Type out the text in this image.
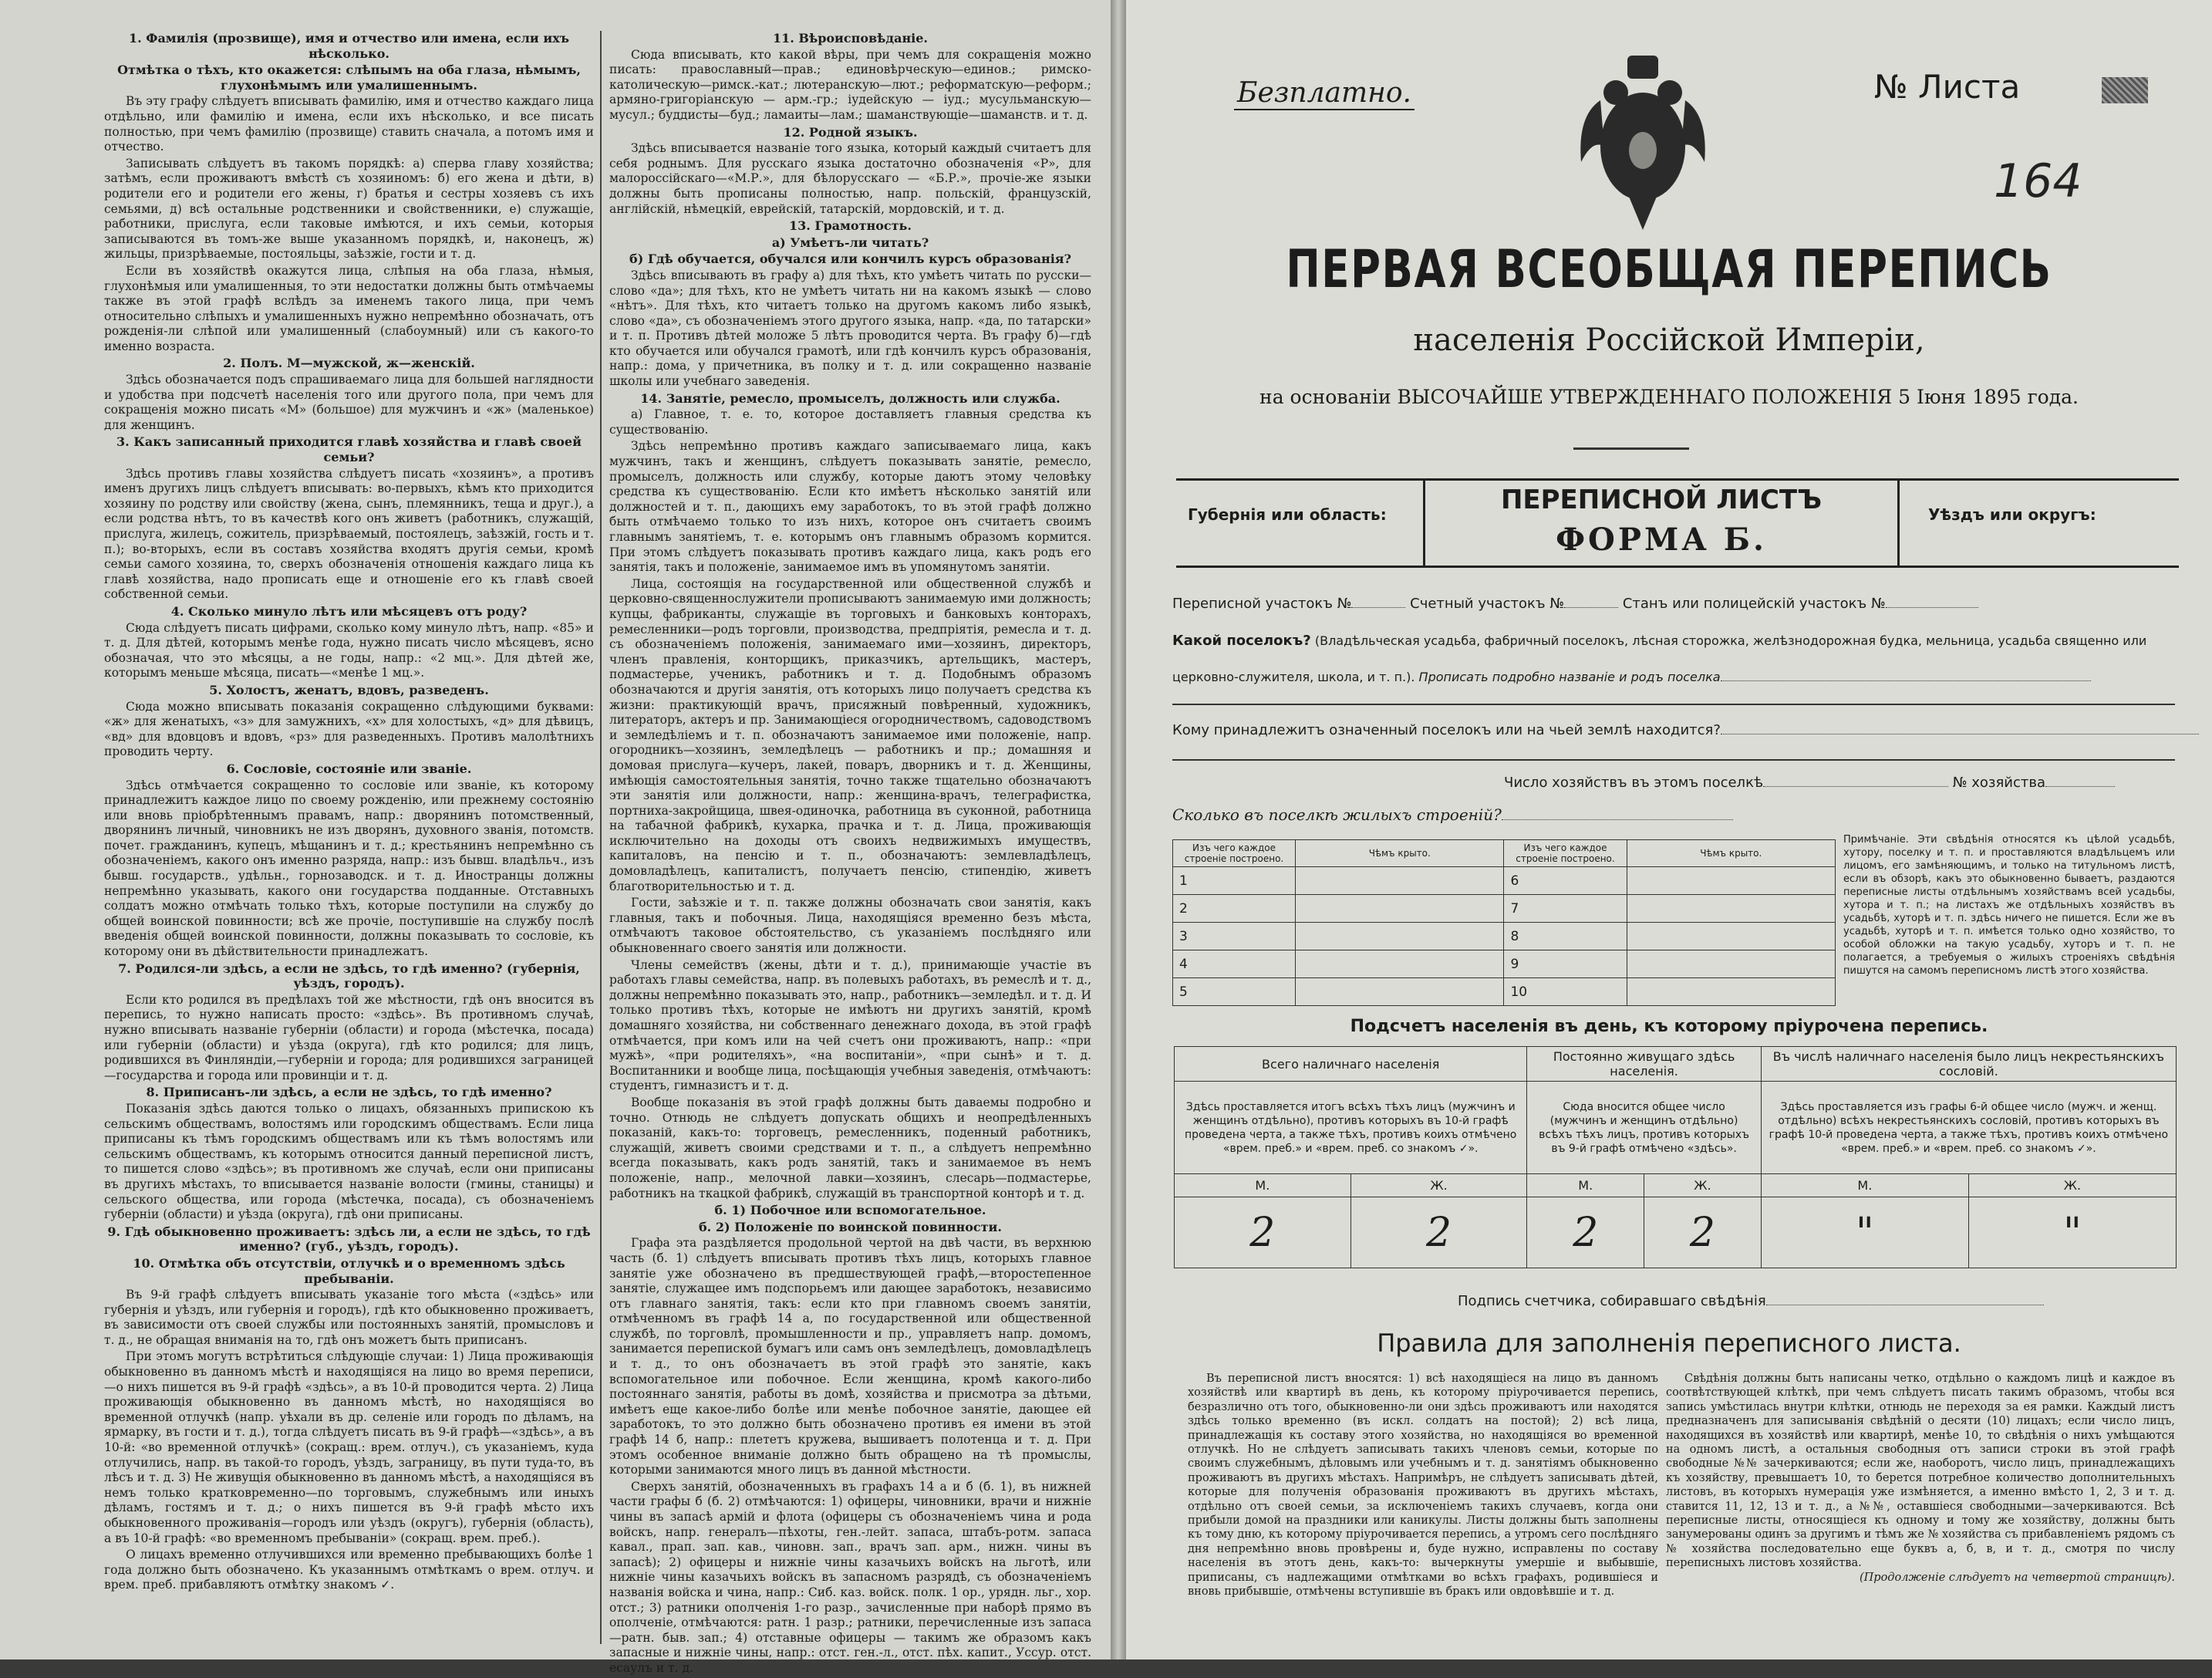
1. Фамилія (прозвище), имя и отчество или имена, если ихъ нѣсколько.

Отмѣтка о тѣхъ, кто окажется: слѣпымъ на оба глаза, нѣмымъ, глухонѣмымъ или умалишеннымъ.

Въ эту графу слѣдуетъ вписывать фамилію, имя и отчество каждаго лица отдѣльно, или фамилію и имена, если ихъ нѣсколько, и все писать полностью, при чемъ фамилію (прозвище) ставить сначала, а потомъ имя и отчество.

Записывать слѣдуетъ въ такомъ порядкѣ: а) сперва главу хозяйства; затѣмъ, если проживаютъ вмѣстѣ съ хозяиномъ: б) его жена и дѣти, в) родители его и родители его жены, г) братья и сестры хозяевъ съ ихъ семьями, д) всѣ остальные родственники и свойственники, е) служащіе, работники, прислуга, если таковые имѣются, и ихъ семьи, которыя записываются въ томъ-же выше указанномъ порядкѣ, и, наконецъ, ж) жильцы, призрѣваемые, постояльцы, заѣзжіе, гости и т. д.

Если въ хозяйствѣ окажутся лица, слѣпыя на оба глаза, нѣмыя, глухонѣмыя или умалишенныя, то эти недостатки должны быть отмѣчаемы также въ этой графѣ вслѣдъ за именемъ такого лица, при чемъ относительно слѣпыхъ и умалишенныхъ нужно непремѣнно обозначать, отъ рожденія-ли слѣпой или умалишенный (слабоумный) или съ какого-то именно возраста.

2. Полъ. М—мужской, ж—женскій.

Здѣсь обозначается подъ спрашиваемаго лица для большей наглядности и удобства при подсчетѣ населенія того или другого пола, при чемъ для сокращенія можно писать «М» (большое) для мужчинъ и «ж» (маленькое) для женщинъ.

3. Какъ записанный приходится главѣ хозяйства и главѣ своей семьи?

Здѣсь противъ главы хозяйства слѣдуетъ писать «хозяинъ», а противъ именъ другихъ лицъ слѣдуетъ вписывать: во-первыхъ, кѣмъ кто приходится хозяину по родству или свойству (жена, сынъ, племянникъ, теща и друг.), а если родства нѣтъ, то въ качествѣ кого онъ живетъ (работникъ, служащій, прислуга, жилецъ, сожитель, призрѣваемый, постоялецъ, заѣзжій, гость и т. п.); во-вторыхъ, если въ составъ хозяйства входятъ другія семьи, кромѣ семьи самого хозяина, то, сверхъ обозначенія отношенія каждаго лица къ главѣ хозяйства, надо прописать еще и отношеніе его къ главѣ своей собственной семьи.

4. Сколько минуло лѣтъ или мѣсяцевъ отъ роду?

Сюда слѣдуетъ писать цифрами, сколько кому минуло лѣтъ, напр. «85» и т. д. Для дѣтей, которымъ менѣе года, нужно писать число мѣсяцевъ, ясно обозначая, что это мѣсяцы, а не годы, напр.: «2 мц.». Для дѣтей же, которымъ меньше мѣсяца, писать—«менѣе 1 мц.».

5. Холостъ, женатъ, вдовъ, разведенъ.

Сюда можно вписывать показанія сокращенно слѣдующими буквами: «ж» для женатыхъ, «з» для замужнихъ, «х» для холостыхъ, «д» для дѣвицъ, «вд» для вдовцовъ и вдовъ, «рз» для разведенныхъ. Противъ малолѣтнихъ проводить черту.

6. Сословіе, состояніе или званіе.

Здѣсь отмѣчается сокращенно то сословіе или званіе, къ которому принадлежитъ каждое лицо по своему рожденію, или прежнему состоянію или вновь пріобрѣтеннымъ правамъ, напр.: дворянинъ потомственный, дворянинъ личный, чиновникъ не изъ дворянъ, духовного званія, потомств. почет. гражданинъ, купецъ, мѣщанинъ и т. д.; крестьянинъ непремѣнно съ обозначеніемъ, какого онъ именно разряда, напр.: изъ бывш. владѣльч., изъ бывш. государств., удѣльн., горнозаводск. и т. д. Иностранцы должны непремѣнно указывать, какого они государства подданные. Отставныхъ солдатъ можно отмѣчать только тѣхъ, которые поступили на службу до общей воинской повинности; всѣ же прочіе, поступившіе на службу послѣ введенія общей воинской повинности, должны показывать то сословіе, къ которому они въ дѣйствительности принадлежатъ.

7. Родился-ли здѣсь, а если не здѣсь, то гдѣ именно? (губернія, уѣздъ, городъ).

Если кто родился въ предѣлахъ той же мѣстности, гдѣ онъ вносится въ перепись, то нужно написать просто: «здѣсь». Въ противномъ случаѣ, нужно вписывать названіе губерніи (области) и города (мѣстечка, посада) или губерніи (области) и уѣзда (округа), гдѣ кто родился; для лицъ, родившихся въ Финляндіи,—губерніи и города; для родившихся заграницей—государства и города или провинціи и т. д.

8. Приписанъ-ли здѣсь, а если не здѣсь, то гдѣ именно?

Показанія здѣсь даются только о лицахъ, обязанныхъ припискою къ сельскимъ обществамъ, волостямъ или городскимъ обществамъ. Если лица приписаны къ тѣмъ городскимъ обществамъ или къ тѣмъ волостямъ или сельскимъ обществамъ, къ которымъ относится данный переписной листъ, то пишется слово «здѣсь»; въ противномъ же случаѣ, если они приписаны въ другихъ мѣстахъ, то вписывается названіе волости (гмины, станицы) и сельского общества, или города (мѣстечка, посада), съ обозначеніемъ губерніи (области) и уѣзда (округа), гдѣ они приписаны.

9. Гдѣ обыкновенно проживаетъ: здѣсь ли, а если не здѣсь, то гдѣ именно? (губ., уѣздъ, городъ).

10. Отмѣтка объ отсутствіи, отлучкѣ и о временномъ здѣсь пребываніи.

Въ 9-й графѣ слѣдуетъ вписывать указаніе того мѣста («здѣсь» или губернія и уѣздъ, или губернія и городъ), гдѣ кто обыкновенно проживаетъ, въ зависимости отъ своей службы или постоянныхъ занятій, промысловъ и т. д., не обращая вниманія на то, гдѣ онъ можетъ быть приписанъ.

При этомъ могутъ встрѣтиться слѣдующіе случаи: 1) Лица проживающія обыкновенно въ данномъ мѣстѣ и находящіяся на лицо во время переписи,—о нихъ пишется въ 9-й графѣ «здѣсь», а въ 10-й проводится черта. 2) Лица проживающія обыкновенно въ данномъ мѣстѣ, но находящіяся во временной отлучкѣ (напр. уѣхали въ др. селеніе или городъ по дѣламъ, на ярмарку, въ гости и т. д.), тогда слѣдуетъ писать въ 9-й графѣ—«здѣсь», а въ 10-й: «во временной отлучкѣ» (сокращ.: врем. отлуч.), съ указаніемъ, куда отлучились, напр. въ такой-то городъ, уѣздъ, заграницу, въ пути туда-то, въ лѣсъ и т. д. 3) Не живущія обыкновенно въ данномъ мѣстѣ, а находящіяся въ немъ только кратковременно—по торговымъ, служебнымъ или иныхъ дѣламъ, гостямъ и т. д.; о нихъ пишется въ 9-й графѣ мѣсто ихъ обыкновенного проживанія—городъ или уѣздъ (округъ), губернія (область), а въ 10-й графѣ: «во временномъ пребываніи» (сокращ. врем. преб.).

О лицахъ временно отлучившихся или временно пребывающихъ болѣе 1 года должно быть обозначено. Къ указаннымъ отмѣткамъ о врем. отлуч. и врем. преб. прибавляютъ отмѣтку знакомъ ✓.

11. Вѣроисповѣданіе.

Сюда вписывать, кто какой вѣры, при чемъ для сокращенія можно писать: православный—прав.; единовѣрческую—единов.; римско-католическую—римск.-кат.; лютеранскую—лют.; реформатскую—реформ.; армяно-григоріанскую — арм.-гр.; іудейскую — іуд.; мусульманскую—мусул.; буддисты—буд.; ламаиты—лам.; шаманствующіе—шаманств. и т. д.

12. Родной языкъ.

Здѣсь вписывается названіе того языка, который каждый считаетъ для себя роднымъ. Для русскаго языка достаточно обозначенія «Р», для малороссійскаго—«М.Р.», для бѣлорусскаго — «Б.Р.», прочіе-же языки должны быть прописаны полностью, напр. польскій, французскій, англійскій, нѣмецкій, еврейскій, татарскій, мордовскій, и т. д.

13. Грамотность.

а) Умѣетъ-ли читать?

б) Гдѣ обучается, обучался или кончилъ курсъ образованія?

Здѣсь вписывають въ графу а) для тѣхъ, кто умѣетъ читать по русски—слово «да»; для тѣхъ, кто не умѣетъ читать ни на какомъ языкѣ — слово «нѣтъ». Для тѣхъ, кто читаетъ только на другомъ какомъ либо языкѣ, слово «да», съ обозначеніемъ этого другого языка, напр. «да, по татарски» и т. п. Противъ дѣтей моложе 5 лѣтъ проводится черта. Въ графу б)—гдѣ кто обучается или обучался грамотѣ, или гдѣ кончилъ курсъ образованія, напр.: дома, у причетника, въ полку и т. д. или сокращенно названіе школы или учебнаго заведенія.

14. Занятіе, ремесло, промыселъ, должность или служба.

а) Главное, т. е. то, которое доставляетъ главныя средства къ существованію.

Здѣсь непремѣнно противъ каждаго записываемаго лица, какъ мужчинъ, такъ и женщинъ, слѣдуетъ показывать занятіе, ремесло, промыселъ, должность или службу, которые даютъ этому человѣку средства къ существованію. Если кто имѣетъ нѣсколько занятій или должностей и т. п., дающихъ ему заработокъ, то въ этой графѣ должно быть отмѣчаемо только то изъ нихъ, которое онъ считаетъ своимъ главнымъ занятіемъ, т. е. которымъ онъ главнымъ образомъ кормится. При этомъ слѣдуетъ показывать противъ каждаго лица, какъ родъ его занятія, такъ и положеніе, занимаемое имъ въ упомянутомъ занятіи.

Лица, состоящія на государственной или общественной службѣ и церковно-священнослужители прописываютъ занимаемую ими должность; купцы, фабриканты, служащіе въ торговыхъ и банковыхъ конторахъ, ремесленники—родъ торговли, производства, предпріятія, ремесла и т. д. съ обозначеніемъ положенія, занимаемаго ими—хозяинъ, директоръ, членъ правленія, конторщикъ, приказчикъ, артельщикъ, мастеръ, подмастерье, ученикъ, работникъ и т. д. Подобнымъ образомъ обозначаются и другія занятія, отъ которыхъ лицо получаетъ средства къ жизни: практикующій врачъ, присяжный повѣренный, художникъ, литераторъ, актеръ и пр. Занимающіеся огородничествомъ, садоводствомъ и земледѣліемъ и т. п. обозначаютъ занимаемое ими положеніе, напр. огородникъ—хозяинъ, земледѣлецъ — работникъ и пр.; домашняя и домовая прислуга—кучеръ, лакей, поваръ, дворникъ и т. д. Женщины, имѣющія самостоятельныя занятія, точно также тщательно обозначаютъ эти занятія или должности, напр.: женщина-врачъ, телеграфистка, портниха-закройщица, швея-одиночка, работница въ суконной, работница на табачной фабрикѣ, кухарка, прачка и т. д. Лица, проживающія исключительно на доходы отъ своихъ недвижимыхъ имуществъ, капиталовъ, на пенсію и т. п., обозначаютъ: землевладѣлецъ, домовладѣлецъ, капиталистъ, получаетъ пенсію, стипендію, живетъ благотворительностью и т. д.

Гости, заѣзжіе и т. п. также должны обозначать свои занятія, какъ главныя, такъ и побочныя. Лица, находящіяся временно безъ мѣста, отмѣчаютъ таковое обстоятельство, съ указаніемъ послѣдняго или обыкновеннаго своего занятія или должности.

Члены семействъ (жены, дѣти и т. д.), принимающіе участіе въ работахъ главы семейства, напр. въ полевыхъ работахъ, въ ремеслѣ и т. д., должны непремѣнно показывать это, напр., работникъ—земледѣл. и т. д. И только противъ тѣхъ, которые не имѣютъ ни другихъ занятій, кромѣ домашняго хозяйства, ни собственнаго денежнаго дохода, въ этой графѣ отмѣчается, при комъ или на чей счетъ они проживаютъ, напр.: «при мужѣ», «при родителяхъ», «на воспитаніи», «при сынѣ» и т. д. Воспитанники и вообще лица, посѣщающія учебныя заведенія, отмѣчаютъ: студентъ, гимназистъ и т. д.

Вообще показанія въ этой графѣ должны быть даваемы подробно и точно. Отнюдь не слѣдуетъ допускать общихъ и неопредѣленныхъ показаній, какъ-то: торговецъ, ремесленникъ, поденный работникъ, служащій, живетъ своими средствами и т. п., а слѣдуетъ непремѣнно всегда показывать, какъ родъ занятій, такъ и занимаемое въ немъ положеніе, напр., мелочной лавки—хозяинъ, слесарь—подмастерье, работникъ на ткацкой фабрикѣ, служащій въ транспортной конторѣ и т. д.

б. 1) Побочное или вспомогательное.

б. 2) Положеніе по воинской повинности.

Графа эта раздѣляется продольной чертой на двѣ части, въ верхнюю часть (б. 1) слѣдуетъ вписывать противъ тѣхъ лицъ, которыхъ главное занятіе уже обозначено въ предшествующей графѣ,—второстепенное занятіе, служащее имъ подспорьемъ или дающее заработокъ, независимо отъ главнаго занятія, такъ: если кто при главномъ своемъ занятіи, отмѣченномъ въ графѣ 14 а, по государственной или общественной службѣ, по торговлѣ, промышленности и пр., управляетъ напр. домомъ, занимается перепиской бумагъ или самъ онъ земледѣлецъ, домовладѣлецъ и т. д., то онъ обозначаетъ въ этой графѣ это занятіе, какъ вспомогательное или побочное. Если женщина, кромѣ какого-либо постояннаго занятія, работы въ домѣ, хозяйства и присмотра за дѣтьми, имѣетъ еще какое-либо болѣе или менѣе побочное занятіе, дающее ей заработокъ, то это должно быть обозначено противъ ея имени въ этой графѣ 14 б, напр.: плететъ кружева, вышиваетъ полотенца и т. д. При этомъ особенное вниманіе должно быть обращено на тѣ промыслы, которыми занимаются много лицъ въ данной мѣстности.

Сверхъ занятій, обозначенныхъ въ графахъ 14 а и б (б. 1), въ нижней части графы б (б. 2) отмѣчаются: 1) офицеры, чиновники, врачи и нижніе чины въ запасѣ армій и флота (офицеры съ обозначеніемъ чина и рода войскъ, напр. генералъ—пѣхоты, ген.-лейт. запаса, штабъ-ротм. запаса кавал., прап. зап. кав., чиновн. зап., врачъ зап. арм., нижн. чины въ запасѣ); 2) офицеры и нижніе чины казачьихъ войскъ на льготѣ, или нижніе чины казачьихъ войскъ въ запасномъ разрядѣ, съ обозначеніемъ названія войска и чина, напр.: Сиб. каз. войск. полк. 1 ор., урядн. льг., хор. отст.; 3) ратники ополченія 1-го разр., зачисленные при наборѣ прямо въ ополченіе, отмѣчаются: ратн. 1 разр.; ратники, перечисленные изъ запаса—ратн. быв. зап.; 4) отставные офицеры — такимъ же образомъ какъ запасные и нижніе чины, напр.: отст. ген.-л., отст. пѣх. капит., Уссур. отст. есаулъ и т. д.

Безплатно.	№ Листа
164
ПЕРВАЯ ВСЕОБЩАЯ ПЕРЕПИСЬ
населенія Россійской Имперіи,
на основаніи ВЫСОЧАЙШЕ УТВЕРЖДЕННАГО ПОЛОЖЕНІЯ 5 Іюня 1895 года.
Губернія или область:	ПЕРЕПИСНОЙ ЛИСТЪ
ФОРМА Б.
Уѣздъ или округъ:
Переписной участокъ №	Счетный участокъ №	Станъ или полицейскій участокъ №
Какой поселокъ? (Владѣльческая усадьба, фабричный поселокъ, лѣсная сторожка, желѣзнодорожная будка, мельница, усадьба священно или
церковно-служителя, школа, и т. п.). Прописать подробно названіе и родъ поселка
Кому принадлежитъ означенный поселокъ или на чьей землѣ находится?
Число хозяйствъ въ этомъ поселкѣ	№ хозяйства
Сколько въ поселкѣ жилыхъ строеній?
Изъ чего каждое строеніе построено.	Чѣмъ крыто.	Изъ чего каждое строеніе построено.	Чѣмъ крыто.
1		6	
2		7	
3		8	
4		9	
5		10	
Примѣчаніе. Эти свѣдѣнія относятся къ цѣлой усадьбѣ, хутору, поселку и т. п. и проставляются владѣльцемъ или лицомъ, его замѣняющимъ, и только на титульномъ листѣ, если въ обзорѣ, какъ это обыкновенно бываетъ, раздаются переписные листы отдѣльнымъ хозяйствамъ всей усадьбы, хутора и т. п.; на листахъ же отдѣльныхъ хозяйствъ въ усадьбѣ, хуторѣ и т. п. здѣсь ничего не пишется. Если же въ усадьбѣ, хуторѣ и т. п. имѣется только одно хозяйство, то особой обложки на такую усадьбу, хуторъ и т. п. не полагается, а требуемыя о жилыхъ строеніяхъ свѣдѣнія пишутся на самомъ переписномъ листѣ этого хозяйства.
Подсчетъ населенія въ день, къ которому пріурочена перепись.
Всего наличнаго населенія		Постоянно живущаго здѣсь населенія.		Въ числѣ наличнаго населенія было лицъ некрестьянскихъ сословій.	
Здѣсь проставляется итогъ всѣхъ тѣхъ лицъ (мужчинъ и женщинъ отдѣльно), противъ которыхъ въ 10-й графѣ проведена черта, а также тѣхъ, противъ коихъ отмѣчено «врем. преб.» и «врем. преб. со знакомъ ✓».		Сюда вносится общее число (мужчинъ и женщинъ отдѣльно) всѣхъ тѣхъ лицъ, противъ которыхъ въ 9-й графѣ отмѣчено «здѣсь».		Здѣсь проставляется изъ графы 6-й общее число (мужч. и женщ. отдѣльно) всѣхъ некрестьянскихъ сословій, противъ которыхъ въ графѣ 10-й проведена черта, а также тѣхъ, противъ коихъ отмѣчено «врем. преб.» и «врем. преб. со знакомъ ✓».	
М.	Ж.	М.	Ж.	М.	Ж.
2	2	2	2	"	"
Подпись счетчика, собиравшаго свѣдѣнія
Правила для заполненія переписного листа.

Въ переписной листъ вносятся: 1) всѣ находящіеся на лицо въ данномъ хозяйствѣ или квартирѣ въ день, къ которому пріурочивается перепись, безразлично отъ того, обыкновенно-ли они здѣсь проживаютъ или находятся здѣсь только временно (въ искл. солдатъ на постой); 2) всѣ лица, принадлежащія къ составу этого хозяйства, но находящіяся во временной отлучкѣ. Но не слѣдуетъ записывать такихъ членовъ семьи, которые по своимъ служебнымъ, дѣловымъ или учебнымъ и т. д. занятіямъ обыкновенно проживаютъ въ другихъ мѣстахъ. Напримѣръ, не слѣдуетъ записывать дѣтей, которые для полученія образованія проживаютъ въ другихъ мѣстахъ, отдѣльно отъ своей семьи, за исключеніемъ такихъ случаевъ, когда они прибыли домой на праздники или каникулы. Листы должны быть заполнены къ тому дню, къ которому пріурочивается перепись, а утромъ сего послѣдняго дня непремѣнно вновь провѣрены и, буде нужно, исправлены по составу населенія въ этотъ день, какъ-то: вычеркнуты умершіе и выбывшіе, приписаны, съ надлежащими отмѣтками во всѣхъ графахъ, родившіеся и вновь прибывшіе, отмѣчены вступившіе въ бракъ или овдовѣвшіе и т. д.

Свѣдѣнія должны быть написаны четко, отдѣльно о каждомъ лицѣ и каждое въ соотвѣтствующей клѣткѣ, при чемъ слѣдуетъ писать такимъ образомъ, чтобы вся запись умѣстилась внутри клѣтки, отнюдь не переходя за ея рамки. Каждый листъ предназначенъ для записыванія свѣдѣній о десяти (10) лицахъ; если число лицъ, находящихся въ хозяйствѣ или квартирѣ, менѣе 10, то свѣдѣнія о нихъ умѣщаются на одномъ листѣ, а остальныя свободныя отъ записи строки въ этой графѣ свободные №№ зачеркиваются; если же, наоборотъ, число лицъ, принадлежащихъ къ хозяйству, превышаетъ 10, то берется потребное количество дополнительныхъ листовъ, въ которыхъ нумерація уже измѣняется, а именно вмѣсто 1, 2, 3 и т. д. ставится 11, 12, 13 и т. д., а №№, оставшіеся свободными—зачеркиваются. Всѣ переписные листы, относящіеся къ одному и тому же хозяйству, должны быть занумерованы одинъ за другимъ и тѣмъ же № хозяйства съ прибавленіемъ рядомъ съ № хозяйства последовательно еще буквъ а, б, в, и т. д., смотря по числу переписныхъ листовъ хозяйства.

(Продолженіе слѣдуетъ на четвертой страницѣ).
